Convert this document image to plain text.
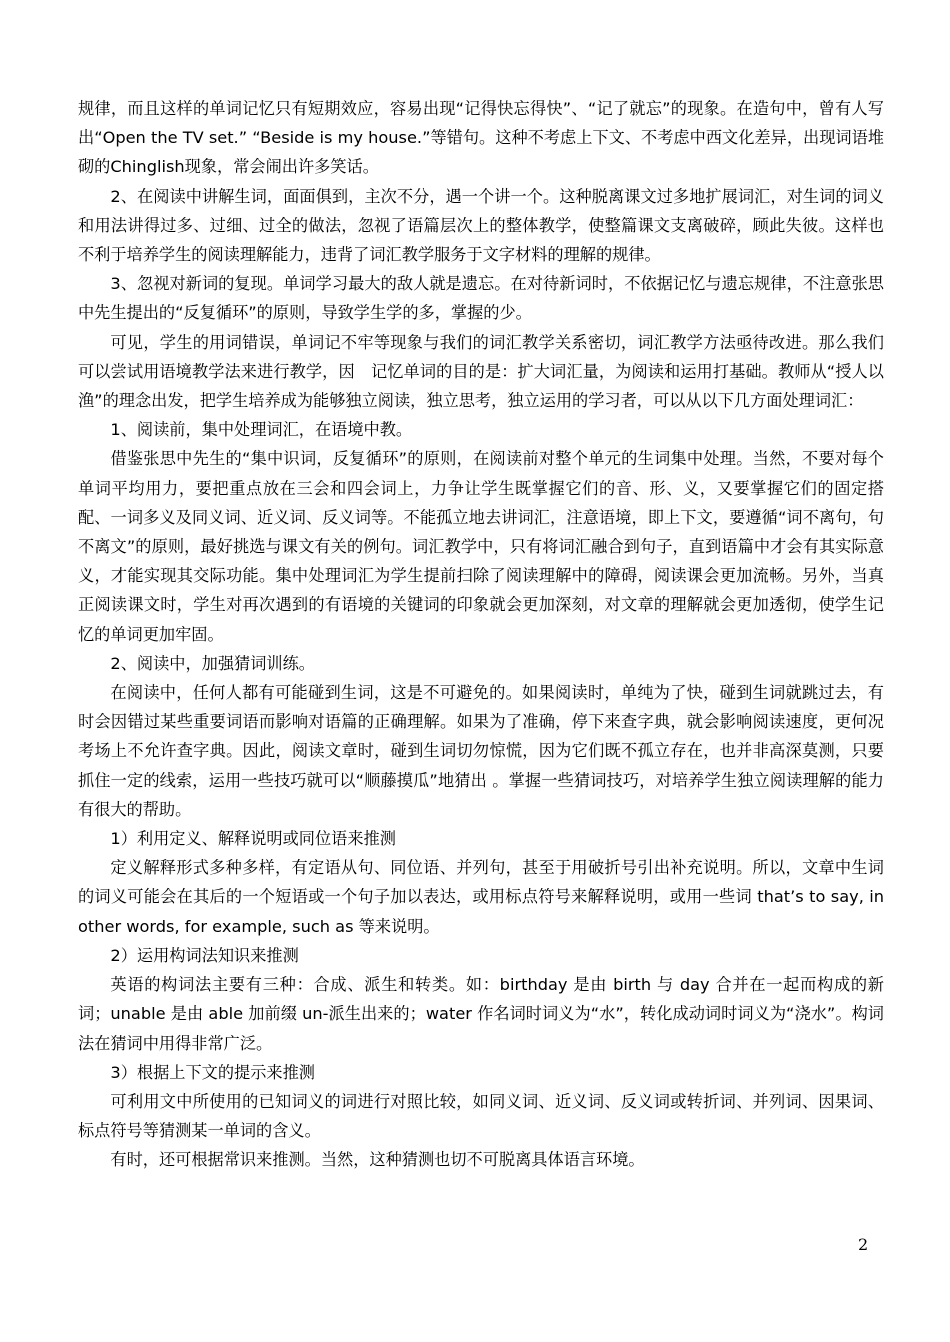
规律，而且这样的单词记忆只有短期效应，容易出现“记得快忘得快”、“记了就忘”的现象。在造句中，曾有人写出“Open the TV set.” “Beside is my house.”等错句。这种不考虑上下文、不考虑中西文化差异，出现词语堆砌的Chinglish现象，常会闹出许多笑话。

2、在阅读中讲解生词，面面俱到，主次不分，遇一个讲一个。这种脱离课文过多地扩展词汇，对生词的词义和用法讲得过多、过细、过全的做法，忽视了语篇层次上的整体教学，使整篇课文支离破碎，顾此失彼。这样也不利于培养学生的阅读理解能力，违背了词汇教学服务于文字材料的理解的规律。

3、忽视对新词的复现。单词学习最大的敌人就是遗忘。在对待新词时，不依据记忆与遗忘规律，不注意张思中先生提出的“反复循环”的原则，导致学生学的多，掌握的少。

可见，学生的用词错误，单词记不牢等现象与我们的词汇教学关系密切，词汇教学方法亟待改进。那么我们可以尝试用语境教学法来进行教学，因　记忆单词的目的是：扩大词汇量，为阅读和运用打基础。教师从“授人以渔”的理念出发，把学生培养成为能够独立阅读，独立思考，独立运用的学习者，可以从以下几方面处理词汇：

1、阅读前，集中处理词汇，在语境中教。

借鉴张思中先生的“集中识词，反复循环”的原则，在阅读前对整个单元的生词集中处理。当然，不要对每个单词平均用力，要把重点放在三会和四会词上，力争让学生既掌握它们的音、形、义，又要掌握它们的固定搭配、一词多义及同义词、近义词、反义词等。不能孤立地去讲词汇，注意语境，即上下文，要遵循“词不离句，句不离文”的原则，最好挑选与课文有关的例句。词汇教学中，只有将词汇融合到句子，直到语篇中才会有其实际意义，才能实现其交际功能。集中处理词汇为学生提前扫除了阅读理解中的障碍，阅读课会更加流畅。另外，当真正阅读课文时，学生对再次遇到的有语境的关键词的印象就会更加深刻，对文章的理解就会更加透彻，使学生记忆的单词更加牢固。

2、阅读中，加强猜词训练。

在阅读中，任何人都有可能碰到生词，这是不可避免的。如果阅读时，单纯为了快，碰到生词就跳过去，有时会因错过某些重要词语而影响对语篇的正确理解。如果为了准确，停下来查字典，就会影响阅读速度，更何况考场上不允许查字典。因此，阅读文章时，碰到生词切勿惊慌，因为它们既不孤立存在，也并非高深莫测，只要抓住一定的线索，运用一些技巧就可以“顺藤摸瓜”地猜出 。掌握一些猜词技巧，对培养学生独立阅读理解的能力有很大的帮助。

1）利用定义、解释说明或同位语来推测

定义解释形式多种多样，有定语从句、同位语、并列句，甚至于用破折号引出补充说明。所以，文章中生词的词义可能会在其后的一个短语或一个句子加以表达，或用标点符号来解释说明，或用一些词 that’s to say, in other words, for example, such as 等来说明。

2）运用构词法知识来推测

英语的构词法主要有三种：合成、派生和转类。如：birthday 是由 birth 与 day 合并在一起而构成的新词；unable 是由 able 加前缀 un-派生出来的；water 作名词时词义为“水”，转化成动词时词义为“浇水”。构词法在猜词中用得非常广泛。

3）根据上下文的提示来推测

可利用文中所使用的已知词义的词进行对照比较，如同义词、近义词、反义词或转折词、并列词、因果词、标点符号等猜测某一单词的含义。

有时，还可根据常识来推测。当然，这种猜测也切不可脱离具体语言环境。

2
